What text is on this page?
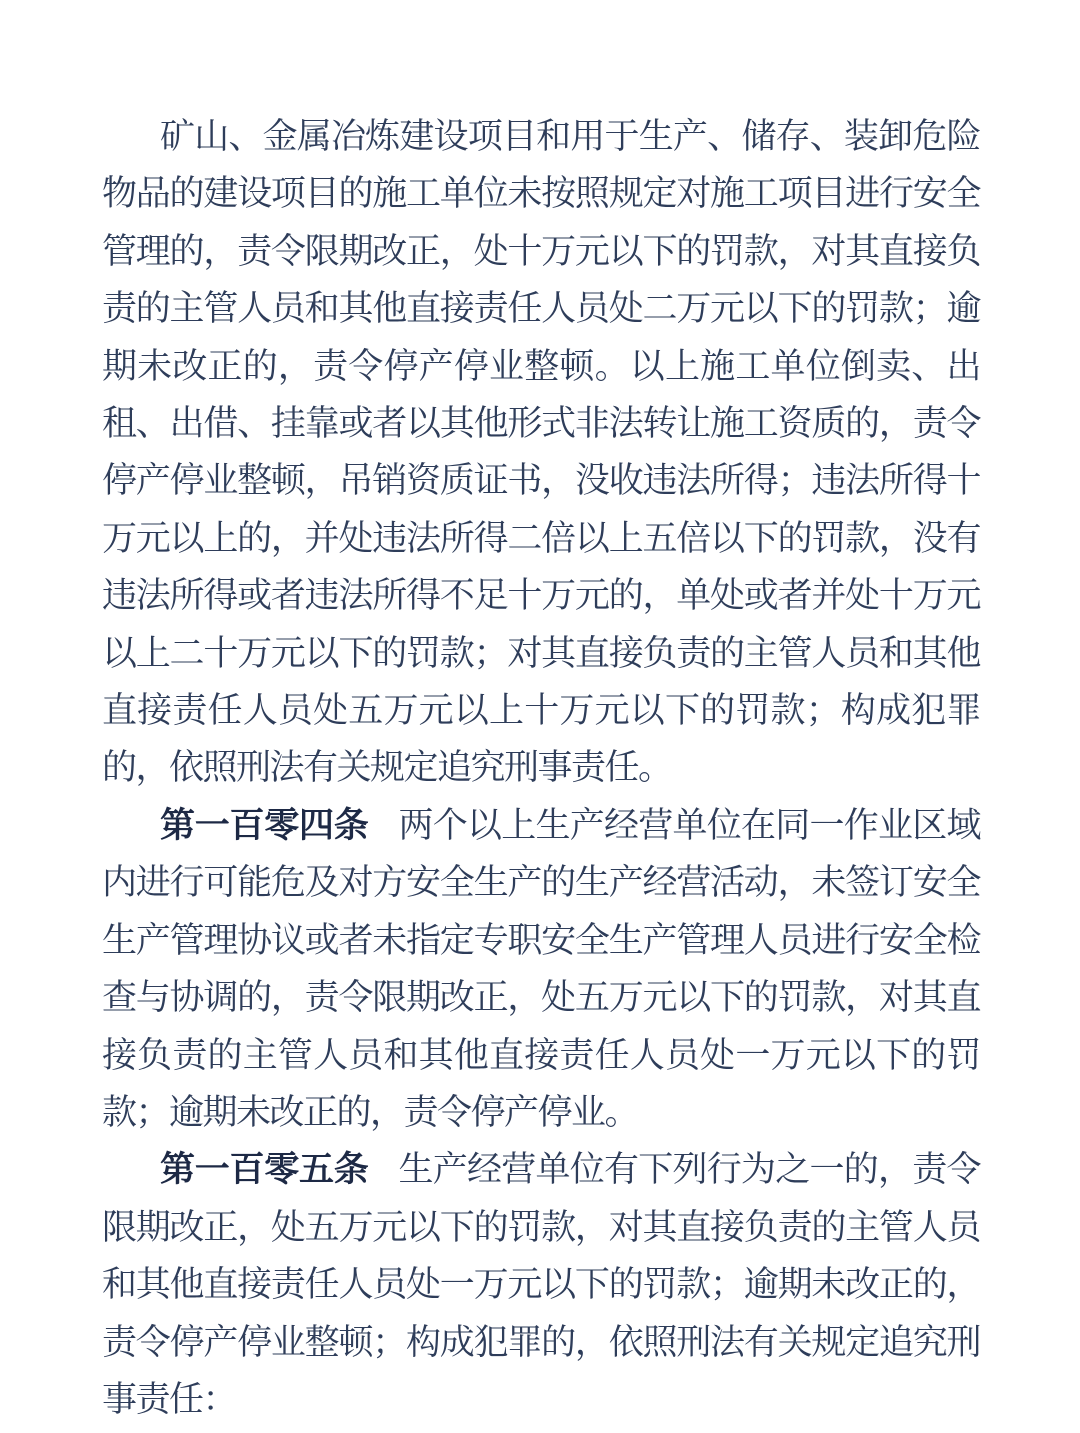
矿山、金属冶炼建设项目和用于生产、储存、装卸危险物品的建设项目的施工单位未按照规定对施工项目进行安全管理的，责令限期改正，处十万元以下的罚款，对其直接负责的主管人员和其他直接责任人员处二万元以下的罚款；逾期未改正的，责令停产停业整顿。以上施工单位倒卖、出租、出借、挂靠或者以其他形式非法转让施工资质的，责令停产停业整顿，吊销资质证书，没收违法所得；违法所得十万元以上的，并处违法所得二倍以上五倍以下的罚款，没有违法所得或者违法所得不足十万元的，单处或者并处十万元以上二十万元以下的罚款；对其直接负责的主管人员和其他直接责任人员处五万元以上十万元以下的罚款；构成犯罪的，依照刑法有关规定追究刑事责任。

第一百零四条 两个以上生产经营单位在同一作业区域内进行可能危及对方安全生产的生产经营活动，未签订安全生产管理协议或者未指定专职安全生产管理人员进行安全检查与协调的，责令限期改正，处五万元以下的罚款，对其直接负责的主管人员和其他直接责任人员处一万元以下的罚款；逾期未改正的，责令停产停业。

第一百零五条 生产经营单位有下列行为之一的，责令限期改正，处五万元以下的罚款，对其直接负责的主管人员和其他直接责任人员处一万元以下的罚款；逾期未改正的，责令停产停业整顿；构成犯罪的，依照刑法有关规定追究刑事责任：
